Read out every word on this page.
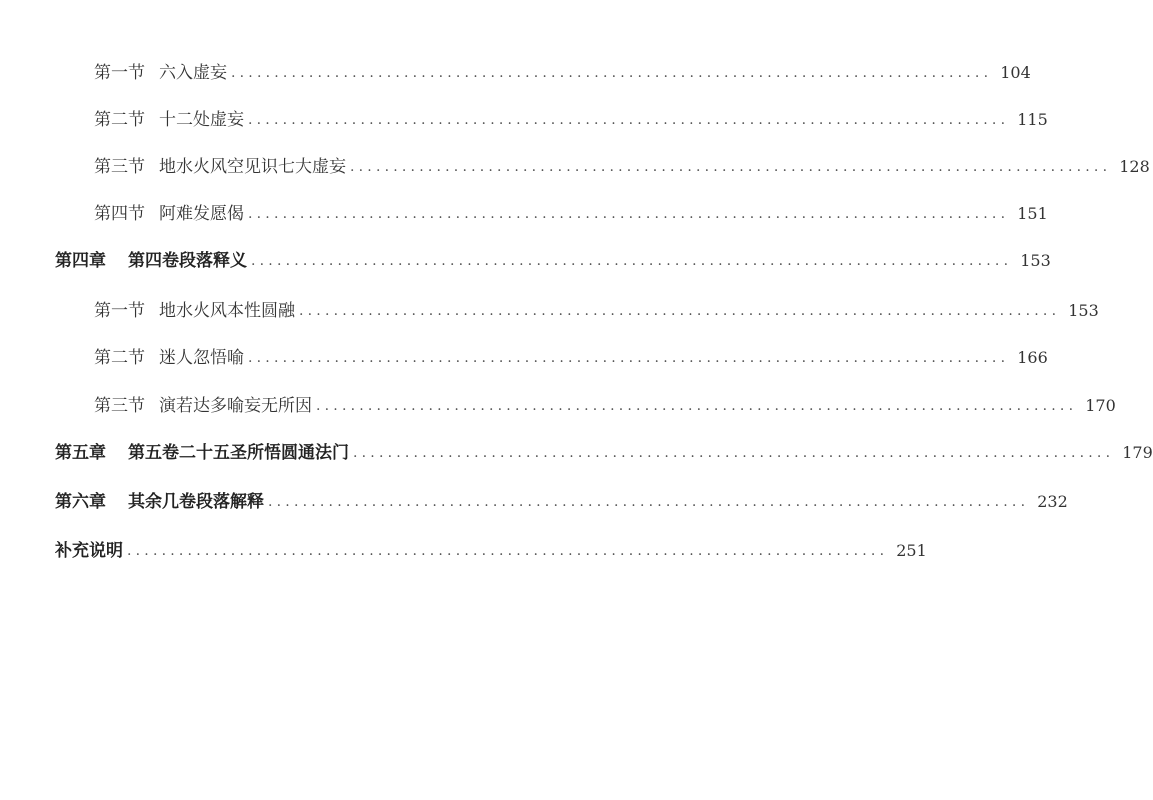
第一节 六入虚妄 ........................................................................................ 104
第二节 十二处虚妄 ........................................................................................ 115
第三节 地水火风空见识七大虚妄 ........................................................................................ 128
第四节 阿难发愿偈 ........................................................................................ 151
第四章 第四卷段落释义 ........................................................................................ 153
第一节 地水火风本性圆融 ........................................................................................ 153
第二节 迷人忽悟喻 ........................................................................................ 166
第三节 演若达多喻妄无所因 ........................................................................................ 170
第五章 第五卷二十五圣所悟圆通法门 ........................................................................................ 179
第六章 其余几卷段落解释 ........................................................................................ 232
补充说明 ........................................................................................ 251
